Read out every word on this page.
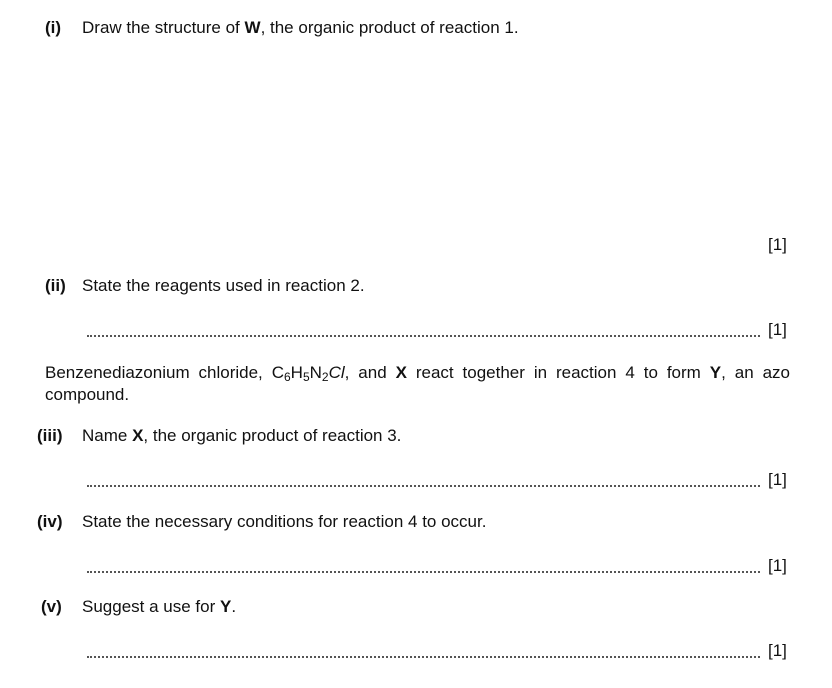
(i) Draw the structure of W, the organic product of reaction 1.
[1]
(ii) State the reagents used in reaction 2.
[1]
Benzenediazonium chloride, $C_6H_5N_2Cl$, and X react together in reaction 4 to form Y, an azo compound.
(iii) Name X, the organic product of reaction 3.
[1]
(iv) State the necessary conditions for reaction 4 to occur.
[1]
(v) Suggest a use for Y.
[1]
